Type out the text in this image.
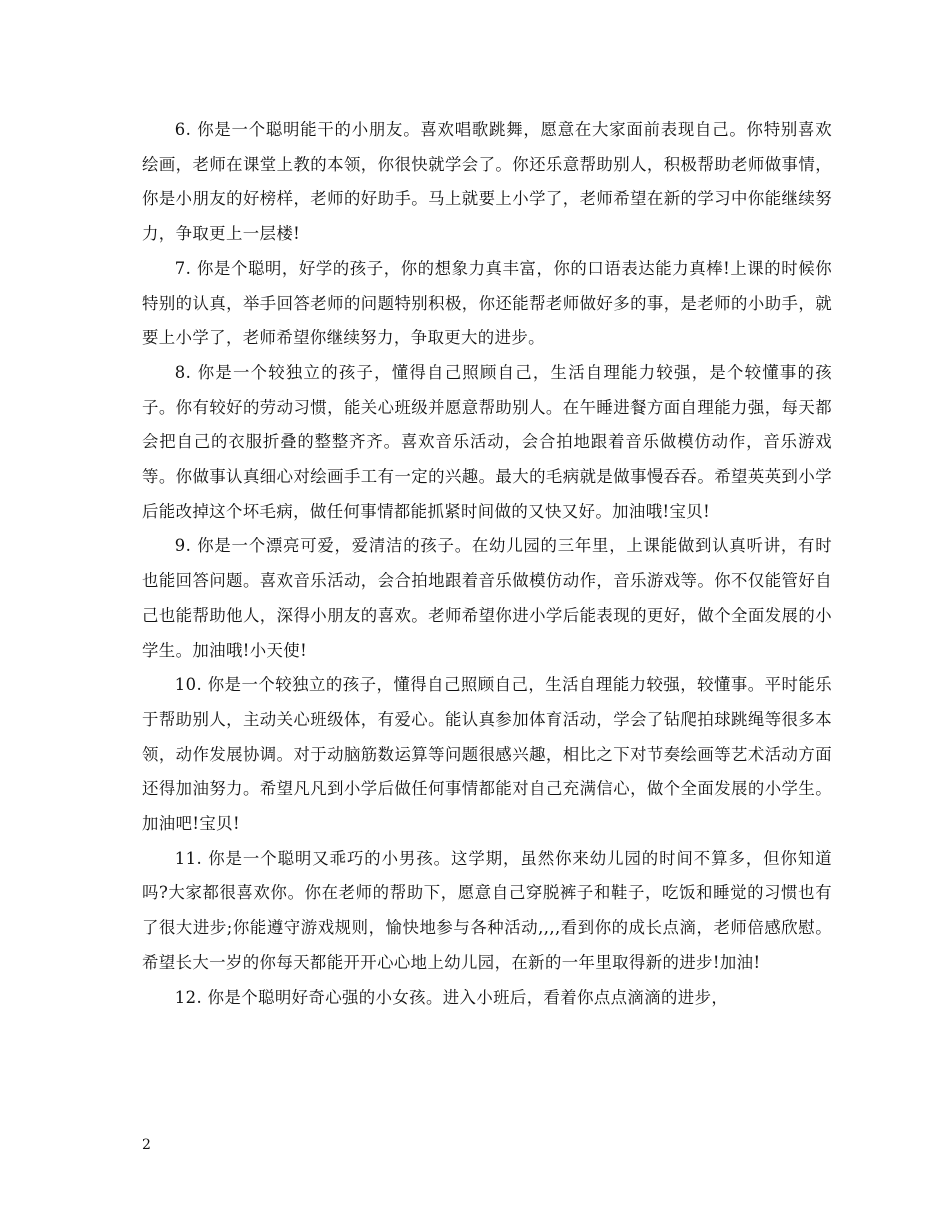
6. 你是一个聪明能干的小朋友。喜欢唱歌跳舞，愿意在大家面前表现自己。你特别喜欢绘画，老师在课堂上教的本领，你很快就学会了。你还乐意帮助别人，积极帮助老师做事情，你是小朋友的好榜样，老师的好助手。马上就要上小学了，老师希望在新的学习中你能继续努力，争取更上一层楼!

7. 你是个聪明，好学的孩子，你的想象力真丰富，你的口语表达能力真棒!上课的时候你特别的认真，举手回答老师的问题特别积极，你还能帮老师做好多的事，是老师的小助手，就要上小学了，老师希望你继续努力，争取更大的进步。

8. 你是一个较独立的孩子，懂得自己照顾自己，生活自理能力较强，是个较懂事的孩子。你有较好的劳动习惯，能关心班级并愿意帮助别人。在午睡进餐方面自理能力强，每天都会把自己的衣服折叠的整整齐齐。喜欢音乐活动，会合拍地跟着音乐做模仿动作，音乐游戏等。你做事认真细心对绘画手工有一定的兴趣。最大的毛病就是做事慢吞吞。希望英英到小学后能改掉这个坏毛病，做任何事情都能抓紧时间做的又快又好。加油哦!宝贝!

9. 你是一个漂亮可爱，爱清洁的孩子。在幼儿园的三年里，上课能做到认真听讲，有时也能回答问题。喜欢音乐活动，会合拍地跟着音乐做模仿动作，音乐游戏等。你不仅能管好自己也能帮助他人，深得小朋友的喜欢。老师希望你进小学后能表现的更好，做个全面发展的小学生。加油哦!小天使!

10. 你是一个较独立的孩子，懂得自己照顾自己，生活自理能力较强，较懂事。平时能乐于帮助别人，主动关心班级体，有爱心。能认真参加体育活动，学会了钻爬拍球跳绳等很多本领，动作发展协调。对于动脑筋数运算等问题很感兴趣，相比之下对节奏绘画等艺术活动方面还得加油努力。希望凡凡到小学后做任何事情都能对自己充满信心，做个全面发展的小学生。加油吧!宝贝!

11. 你是一个聪明又乖巧的小男孩。这学期，虽然你来幼儿园的时间不算多，但你知道吗?大家都很喜欢你。你在老师的帮助下，愿意自己穿脱裤子和鞋子，吃饭和睡觉的习惯也有了很大进步;你能遵守游戏规则，愉快地参与各种活动,,,,看到你的成长点滴，老师倍感欣慰。希望长大一岁的你每天都能开开心心地上幼儿园，在新的一年里取得新的进步!加油!

12. 你是个聪明好奇心强的小女孩。进入小班后，看着你点点滴滴的进步，

2
